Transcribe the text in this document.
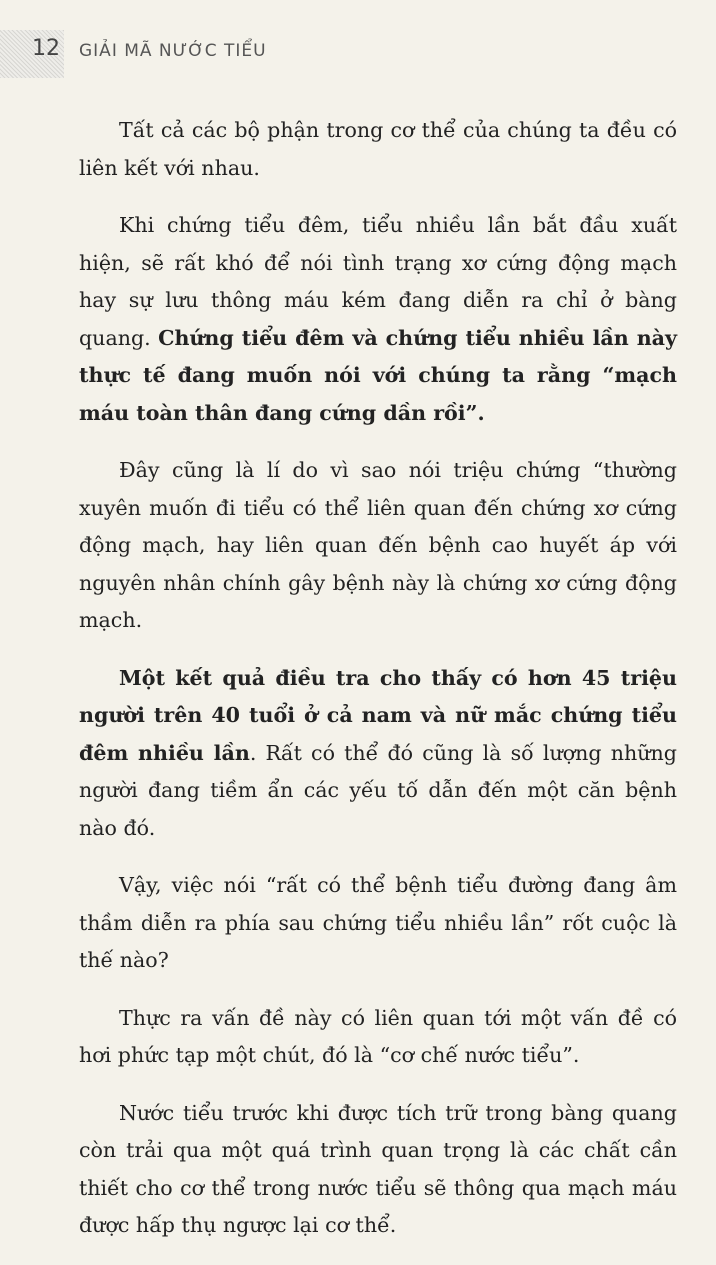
12 GIẢI MÃ NƯỚC TIỂU

Tất cả các bộ phận trong cơ thể của chúng ta đều có liên kết với nhau.

Khi chứng tiểu đêm, tiểu nhiều lần bắt đầu xuất hiện, sẽ rất khó để nói tình trạng xơ cứng động mạch hay sự lưu thông máu kém đang diễn ra chỉ ở bàng quang. Chứng tiểu đêm và chứng tiểu nhiều lần này thực tế đang muốn nói với chúng ta rằng “mạch máu toàn thân đang cứng dần rồi”.

Đây cũng là lí do vì sao nói triệu chứng “thường xuyên muốn đi tiểu có thể liên quan đến chứng xơ cứng động mạch, hay liên quan đến bệnh cao huyết áp với nguyên nhân chính gây bệnh này là chứng xơ cứng động mạch.

Một kết quả điều tra cho thấy có hơn 45 triệu người trên 40 tuổi ở cả nam và nữ mắc chứng tiểu đêm nhiều lần. Rất có thể đó cũng là số lượng những người đang tiềm ẩn các yếu tố dẫn đến một căn bệnh nào đó.

Vậy, việc nói “rất có thể bệnh tiểu đường đang âm thầm diễn ra phía sau chứng tiểu nhiều lần” rốt cuộc là thế nào?

Thực ra vấn đề này có liên quan tới một vấn đề có hơi phức tạp một chút, đó là “cơ chế nước tiểu”.

Nước tiểu trước khi được tích trữ trong bàng quang còn trải qua một quá trình quan trọng là các chất cần thiết cho cơ thể trong nước tiểu sẽ thông qua mạch máu được hấp thụ ngược lại cơ thể.
